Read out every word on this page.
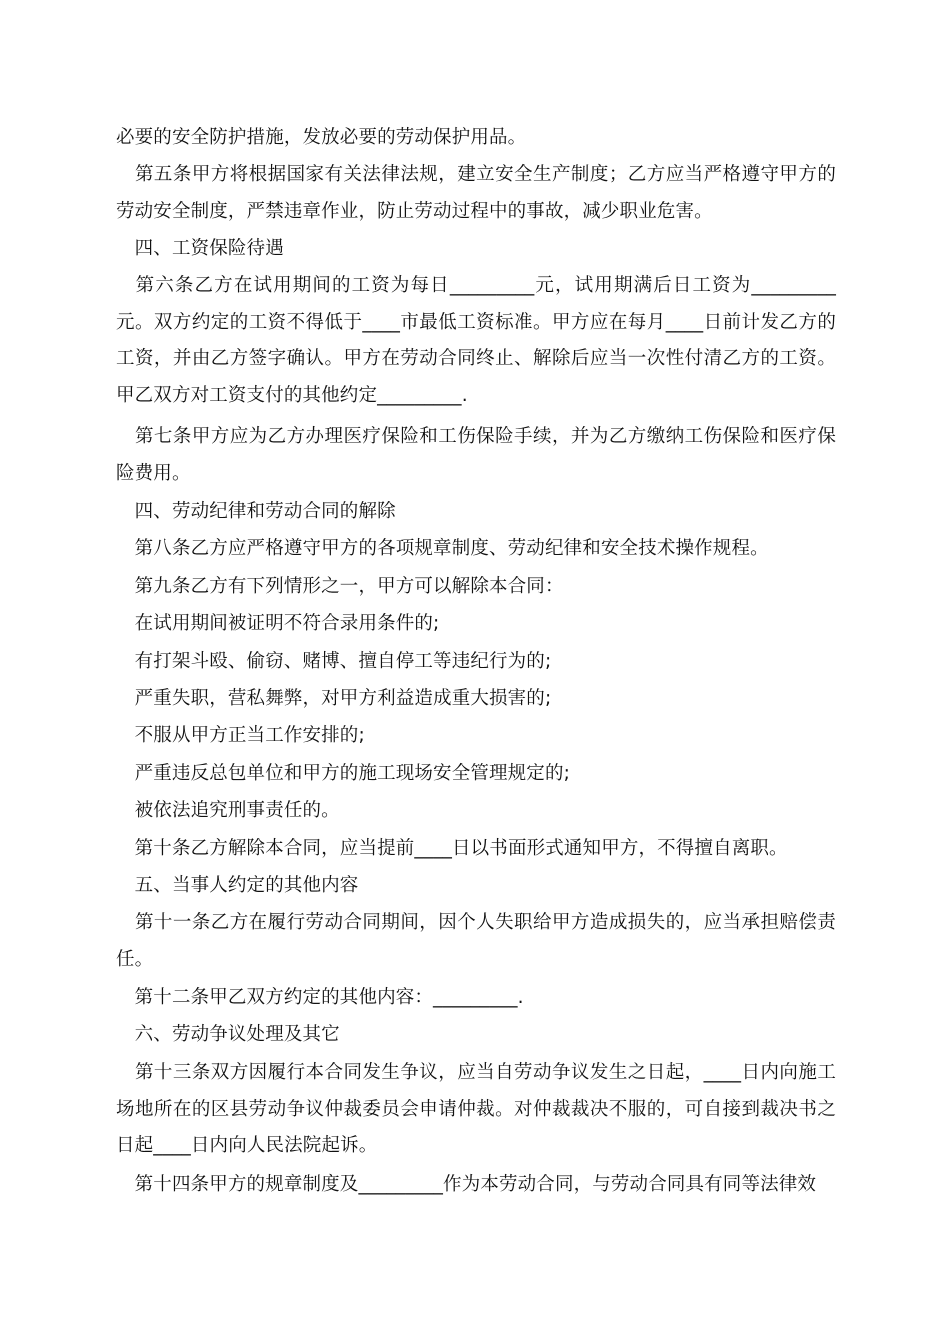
必要的安全防护措施，发放必要的劳动保护用品。
　第五条甲方将根据国家有关法律法规，建立安全生产制度；乙方应当严格遵守甲方的劳动安全制度，严禁违章作业，防止劳动过程中的事故，减少职业危害。
　四、工资保险待遇
　第六条乙方在试用期间的工资为每日_________元，试用期满后日工资为_________元。双方约定的工资不得低于____市最低工资标准。甲方应在每月____日前计发乙方的工资，并由乙方签字确认。甲方在劳动合同终止、解除后应当一次性付清乙方的工资。甲乙双方对工资支付的其他约定_________.
　第七条甲方应为乙方办理医疗保险和工伤保险手续，并为乙方缴纳工伤保险和医疗保险费用。
　四、劳动纪律和劳动合同的解除
　第八条乙方应严格遵守甲方的各项规章制度、劳动纪律和安全技术操作规程。
　第九条乙方有下列情形之一，甲方可以解除本合同：
　在试用期间被证明不符合录用条件的;
　有打架斗殴、偷窃、赌博、擅自停工等违纪行为的;
　严重失职，营私舞弊，对甲方利益造成重大损害的;
　不服从甲方正当工作安排的;
　严重违反总包单位和甲方的施工现场安全管理规定的;
　被依法追究刑事责任的。
　第十条乙方解除本合同，应当提前____日以书面形式通知甲方，不得擅自离职。
　五、当事人约定的其他内容
　第十一条乙方在履行劳动合同期间，因个人失职给甲方造成损失的，应当承担赔偿责任。
　第十二条甲乙双方约定的其他内容：_________.
　六、劳动争议处理及其它
　第十三条双方因履行本合同发生争议，应当自劳动争议发生之日起，____日内向施工场地所在的区县劳动争议仲裁委员会申请仲裁。对仲裁裁决不服的，可自接到裁决书之日起____日内向人民法院起诉。
　第十四条甲方的规章制度及_________作为本劳动合同，与劳动合同具有同等法律效
